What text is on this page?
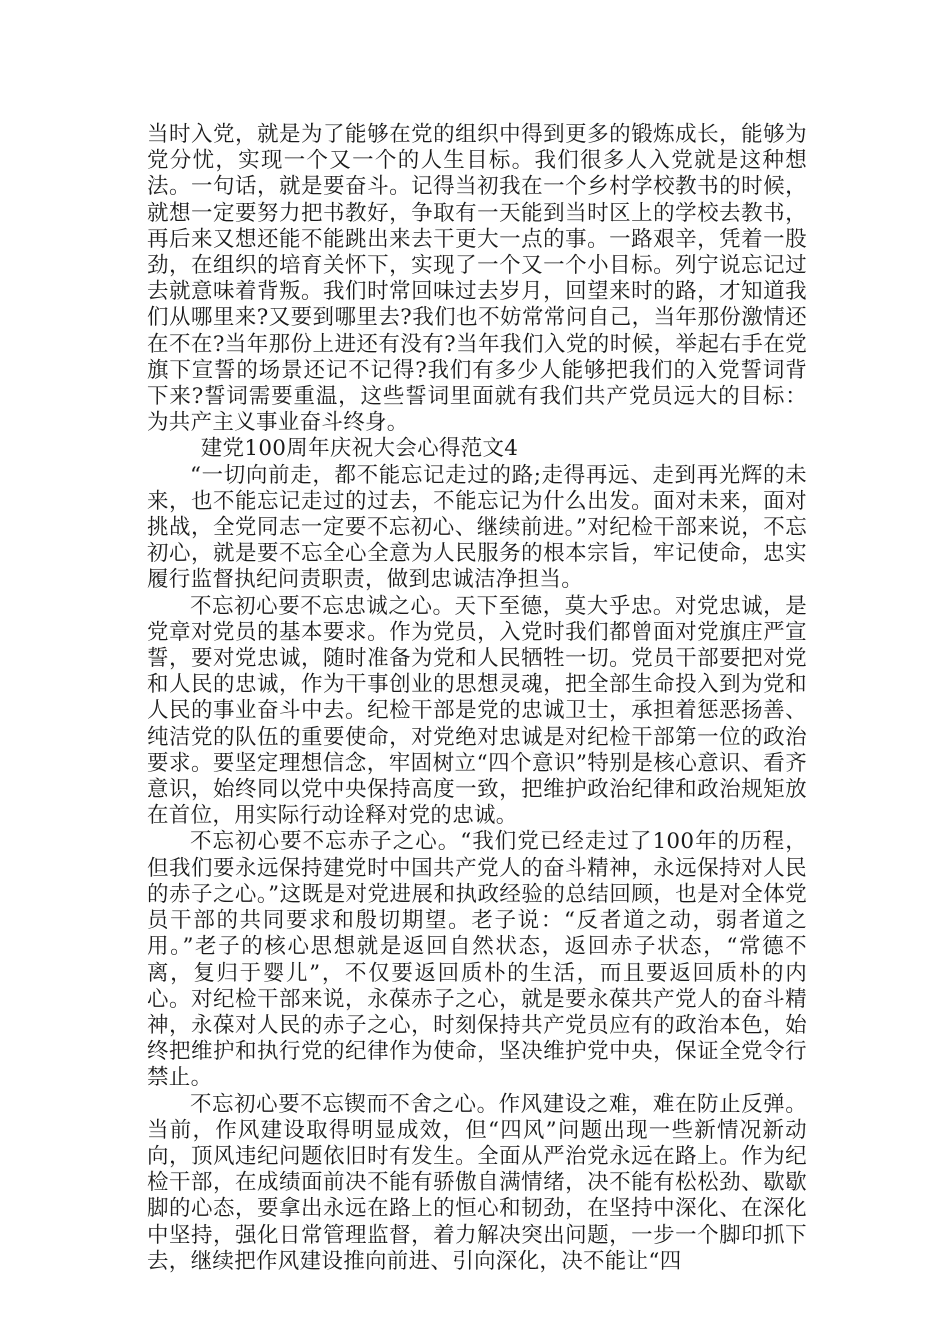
当时入党，就是为了能够在党的组织中得到更多的锻炼成长，能够为党分忧，实现一个又一个的人生目标。我们很多人入党就是这种想法。一句话，就是要奋斗。记得当初我在一个乡村学校教书的时候，就想一定要努力把书教好，争取有一天能到当时区上的学校去教书，再后来又想还能不能跳出来去干更大一点的事。一路艰辛，凭着一股劲，在组织的培育关怀下，实现了一个又一个小目标。列宁说忘记过去就意味着背叛。我们时常回味过去岁月，回望来时的路，才知道我们从哪里来?又要到哪里去?我们也不妨常常问自己，当年那份激情还在不在?当年那份上进还有没有?当年我们入党的时候，举起右手在党旗下宣誓的场景还记不记得?我们有多少人能够把我们的入党誓词背下来?誓词需要重温，这些誓词里面就有我们共产党员远大的目标：为共产主义事业奋斗终身。

建党100周年庆祝大会心得范文4

“一切向前走，都不能忘记走过的路;走得再远、走到再光辉的未来，也不能忘记走过的过去，不能忘记为什么出发。面对未来，面对挑战，全党同志一定要不忘初心、继续前进。”对纪检干部来说，不忘初心，就是要不忘全心全意为人民服务的根本宗旨，牢记使命，忠实履行监督执纪问责职责，做到忠诚洁净担当。

不忘初心要不忘忠诚之心。天下至德，莫大乎忠。对党忠诚，是党章对党员的基本要求。作为党员，入党时我们都曾面对党旗庄严宣誓，要对党忠诚，随时准备为党和人民牺牲一切。党员干部要把对党和人民的忠诚，作为干事创业的思想灵魂，把全部生命投入到为党和人民的事业奋斗中去。纪检干部是党的忠诚卫士，承担着惩恶扬善、纯洁党的队伍的重要使命，对党绝对忠诚是对纪检干部第一位的政治要求。要坚定理想信念，牢固树立“四个意识”特别是核心意识、看齐意识，始终同以党中央保持高度一致，把维护政治纪律和政治规矩放在首位，用实际行动诠释对党的忠诚。

不忘初心要不忘赤子之心。“我们党已经走过了100年的历程，但我们要永远保持建党时中国共产党人的奋斗精神，永远保持对人民的赤子之心。”这既是对党进展和执政经验的总结回顾，也是对全体党员干部的共同要求和殷切期望。老子说：“反者道之动，弱者道之用。”老子的核心思想就是返回自然状态，返回赤子状态，“常德不离，复归于婴儿”，不仅要返回质朴的生活，而且要返回质朴的内心。对纪检干部来说，永葆赤子之心，就是要永葆共产党人的奋斗精神，永葆对人民的赤子之心，时刻保持共产党员应有的政治本色，始终把维护和执行党的纪律作为使命，坚决维护党中央，保证全党令行禁止。

不忘初心要不忘锲而不舍之心。作风建设之难，难在防止反弹。当前，作风建设取得明显成效，但“四风”问题出现一些新情况新动向，顶风违纪问题依旧时有发生。全面从严治党永远在路上。作为纪检干部，在成绩面前决不能有骄傲自满情绪，决不能有松松劲、歇歇脚的心态，要拿出永远在路上的恒心和韧劲，在坚持中深化、在深化中坚持，强化日常管理监督，着力解决突出问题，一步一个脚印抓下去，继续把作风建设推向前进、引向深化，决不能让“四
